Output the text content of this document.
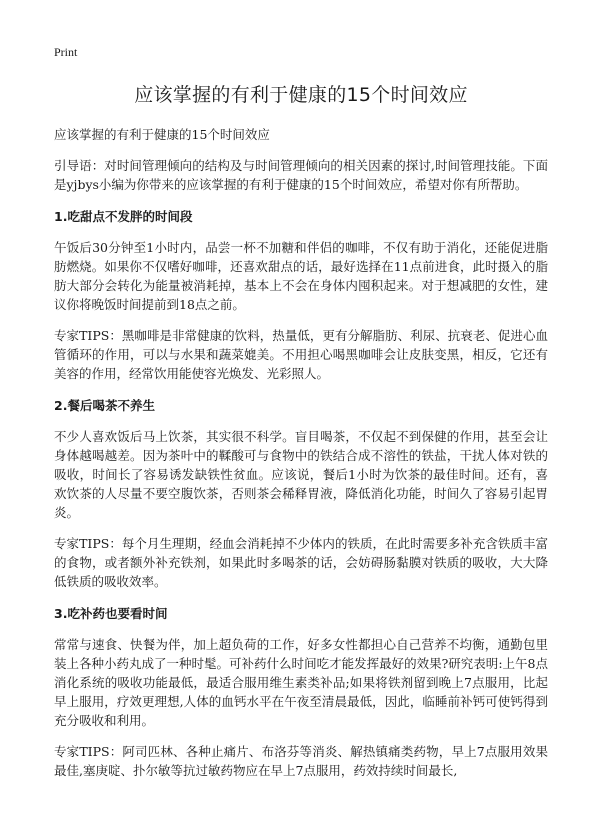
Print
应该掌握的有利于健康的15个时间效应

应该掌握的有利于健康的15个时间效应

引导语：对时间管理倾向的结构及与时间管理倾向的相关因素的探讨,时间管理技能。下面是yjbys小编为你带来的应该掌握的有利于健康的15个时间效应，希望对你有所帮助。

1.吃甜点不发胖的时间段

午饭后30分钟至1小时内，品尝一杯不加糖和伴侣的咖啡，不仅有助于消化，还能促进脂肪燃烧。如果你不仅嗜好咖啡，还喜欢甜点的话，最好选择在11点前进食，此时摄入的脂肪大部分会转化为能量被消耗掉，基本上不会在身体内囤积起来。对于想减肥的女性，建议你将晚饭时间提前到18点之前。

专家TIPS：黑咖啡是非常健康的饮料，热量低，更有分解脂肪、利尿、抗衰老、促进心血管循环的作用，可以与水果和蔬菜媲美。不用担心喝黑咖啡会让皮肤变黑，相反，它还有美容的作用，经常饮用能使容光焕发、光彩照人。

2.餐后喝茶不养生

不少人喜欢饭后马上饮茶，其实很不科学。盲目喝茶，不仅起不到保健的作用，甚至会让身体越喝越差。因为茶叶中的鞣酸可与食物中的铁结合成不溶性的铁盐，干扰人体对铁的吸收，时间长了容易诱发缺铁性贫血。应该说，餐后1小时为饮茶的最佳时间。还有，喜欢饮茶的人尽量不要空腹饮茶，否则茶会稀释胃液，降低消化功能，时间久了容易引起胃炎。

专家TIPS：每个月生理期，经血会消耗掉不少体内的铁质，在此时需要多补充含铁质丰富的食物，或者额外补充铁剂，如果此时多喝茶的话，会妨碍肠黏膜对铁质的吸收，大大降低铁质的吸收效率。

3.吃补药也要看时间

常常与速食、快餐为伴，加上超负荷的工作，好多女性都担心自己营养不均衡，通勤包里装上各种小药丸成了一种时髦。可补药什么时间吃才能发挥最好的效果?研究表明:上午8点消化系统的吸收功能最低，最适合服用维生素类补品;如果将铁剂留到晚上7点服用，比起早上服用，疗效更理想,人体的血钙水平在午夜至清晨最低，因此，临睡前补钙可使钙得到充分吸收和利用。

专家TIPS：阿司匹林、各种止痛片、布洛芬等消炎、解热镇痛类药物，早上7点服用效果最佳,塞庚啶、扑尔敏等抗过敏药物应在早上7点服用，药效持续时间最长,
